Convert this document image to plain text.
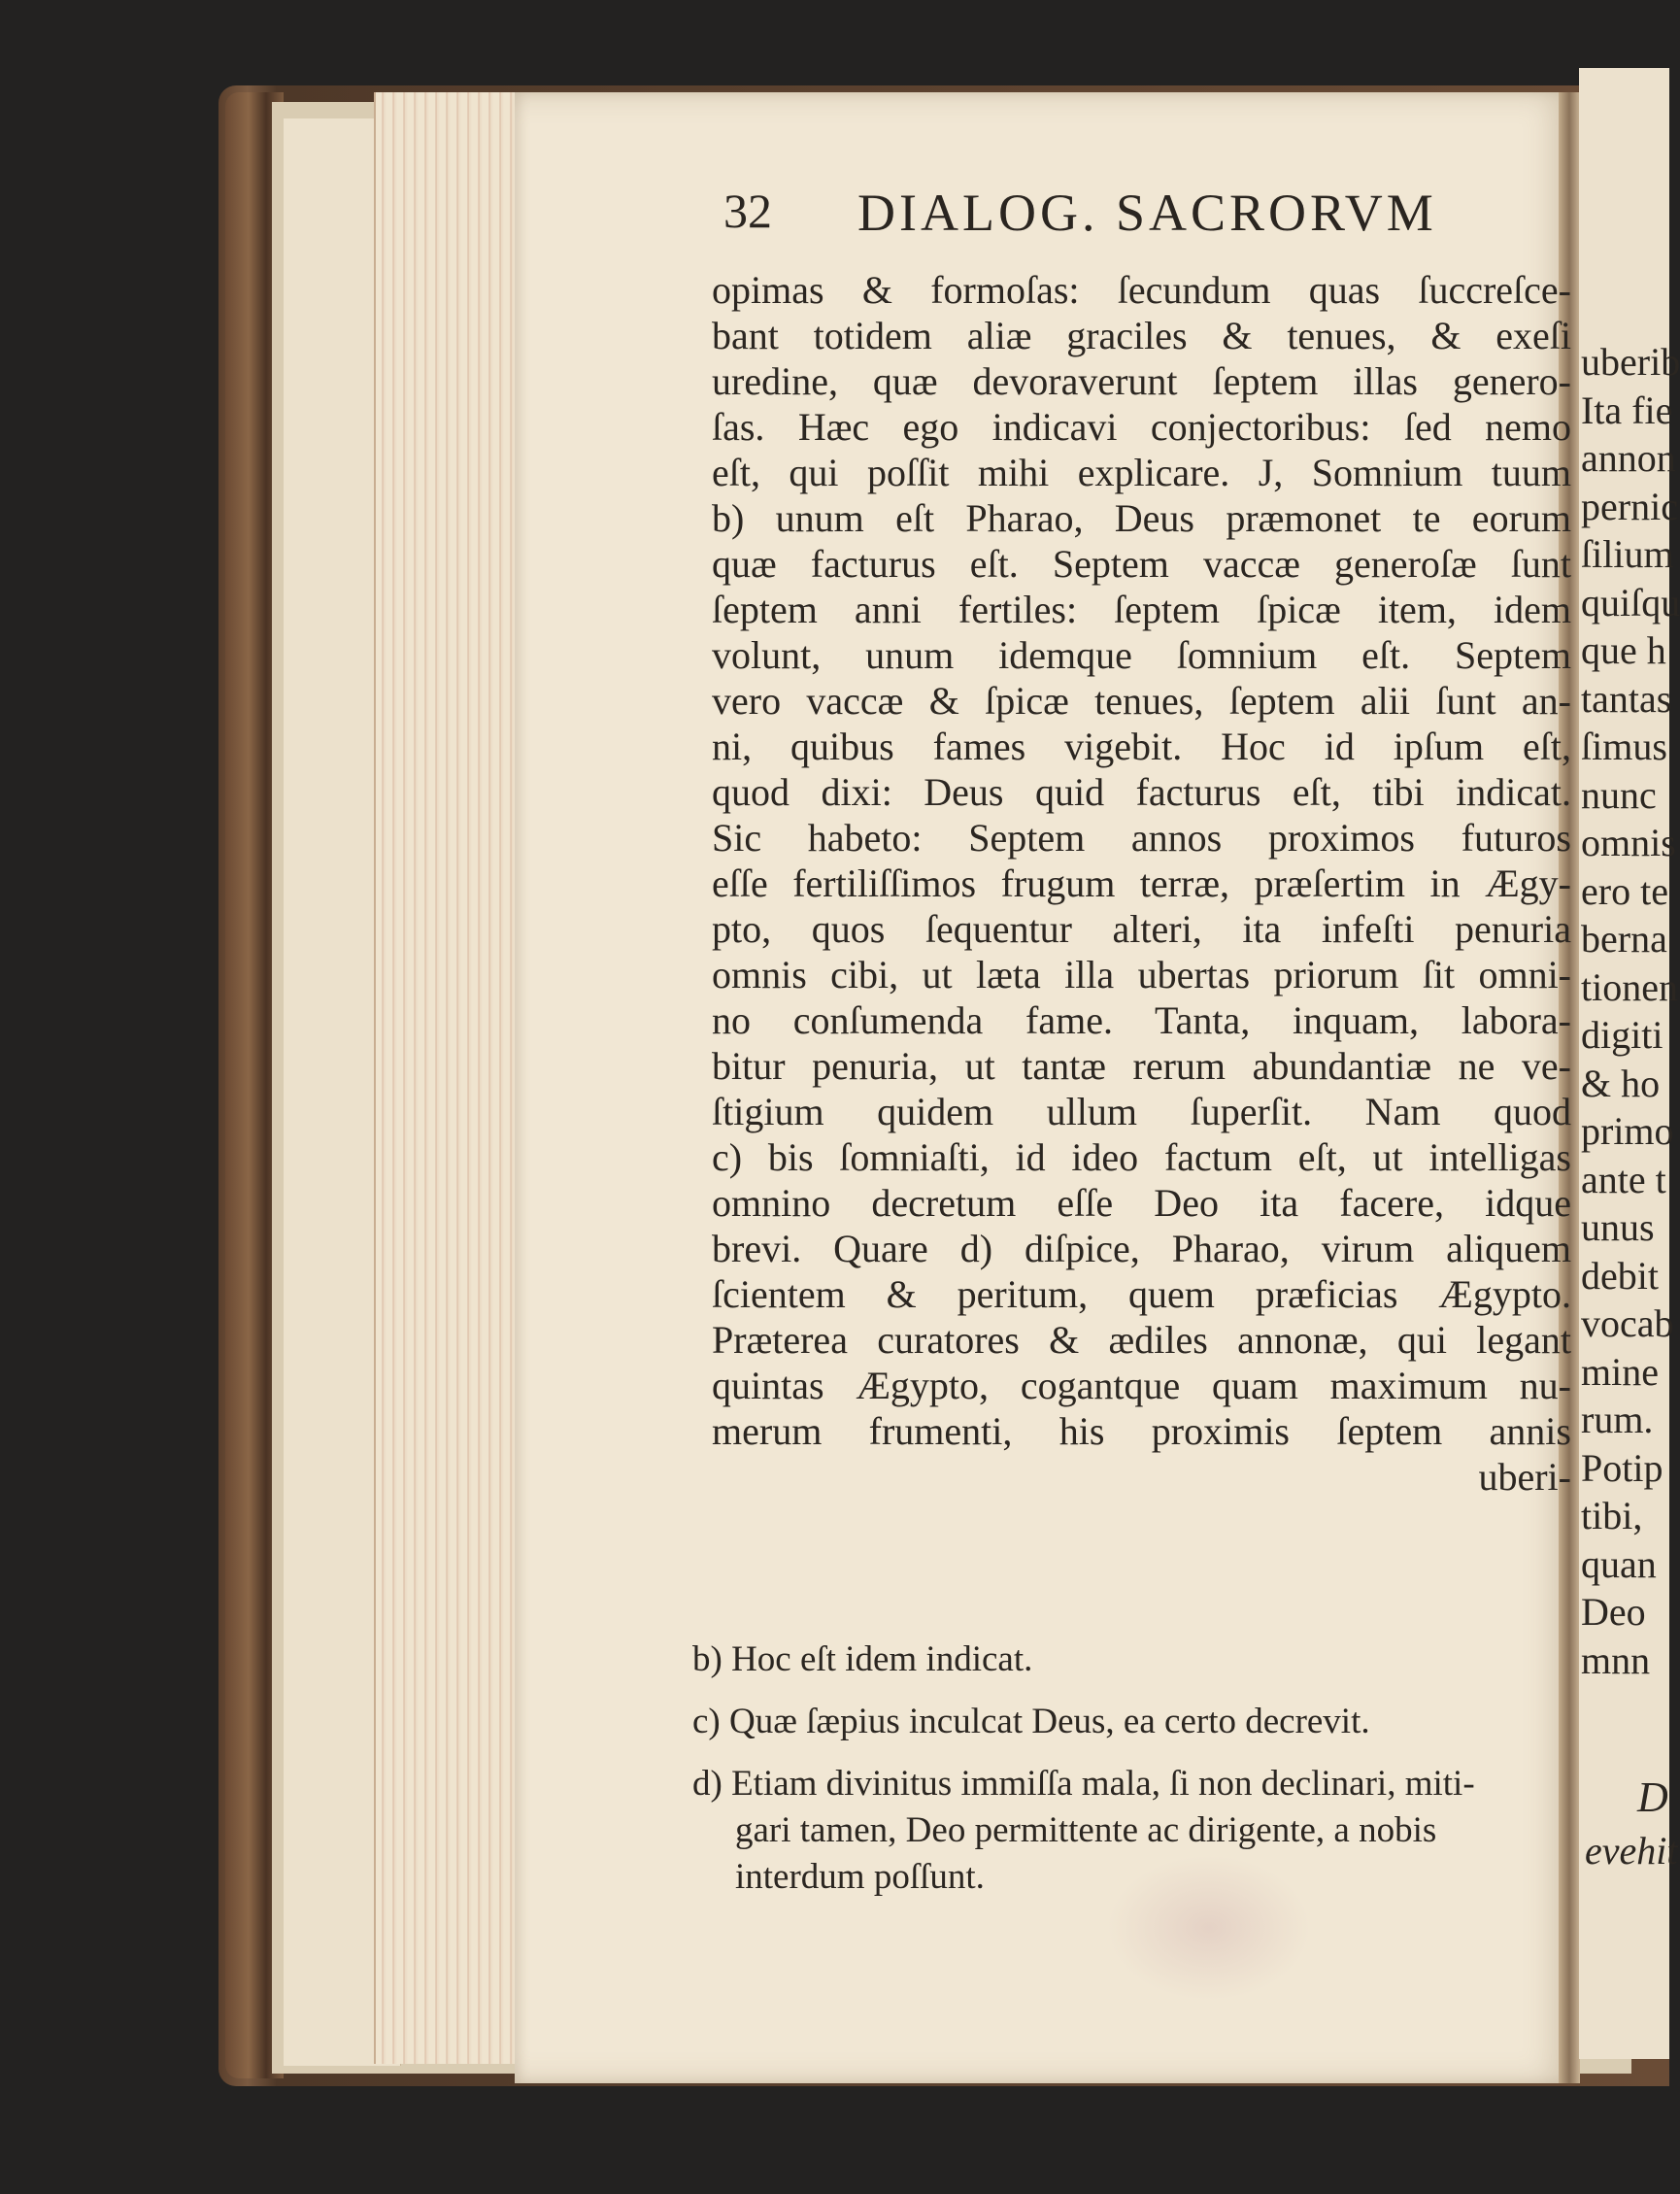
32 DIALOG. SACRORVM
opimas & formoſas: ſecundum quas ſuccreſce-
bant totidem aliæ graciles & tenues, & exeſi
uredine, quæ devoraverunt ſeptem illas genero-
ſas. Hæc ego indicavi conjectoribus: ſed nemo
eſt, qui poſſit mihi explicare. J, Somnium tuum
b) unum eſt Pharao, Deus præmonet te eorum
quæ facturus eſt. Septem vaccæ generoſæ ſunt
ſeptem anni fertiles: ſeptem ſpicæ item, idem
volunt, unum idemque ſomnium eſt. Septem
vero vaccæ & ſpicæ tenues, ſeptem alii ſunt an-
ni, quibus fames vigebit. Hoc id ipſum eſt,
quod dixi: Deus quid facturus eſt, tibi indicat.
Sic habeto: Septem annos proximos futuros
eſſe fertiliſſimos frugum terræ, præſertim in Ægy-
pto, quos ſequentur alteri, ita infeſti penuria
omnis cibi, ut læta illa ubertas priorum ſit omni-
no conſumenda fame. Tanta, inquam, labora-
bitur penuria, ut tantæ rerum abundantiæ ne ve-
ſtigium quidem ullum ſuperſit. Nam quod
c) bis ſomniaſti, id ideo factum eſt, ut intelligas
omnino decretum eſſe Deo ita facere, idque
brevi. Quare d) diſpice, Pharao, virum aliquem
ſcientem & peritum, quem præficias Ægypto.
Præterea curatores & ædiles annonæ, qui legant
quintas Ægypto, cogantque quam maximum nu-
merum frumenti, his proximis ſeptem annis
uberi-
b) Hoc eſt idem indicat.
c) Quæ ſæpius inculcat Deus, ea certo decrevit.
d) Etiam divinitus immiſſa mala, ſi non declinari, miti-
gari tamen, Deo permittente ac dirigente, a nobis
interdum poſſunt.
uberib
Ita fie
annon
pernic
ſilium
quiſqu
que h
tantas
ſimus
nunc
omnis
ero te
berna
tionen
digiti
& ho
primo
ante t
unus
debit
vocab
mine
rum.
Potip
tibi,
quan
Deo
mnn
D
evehit
